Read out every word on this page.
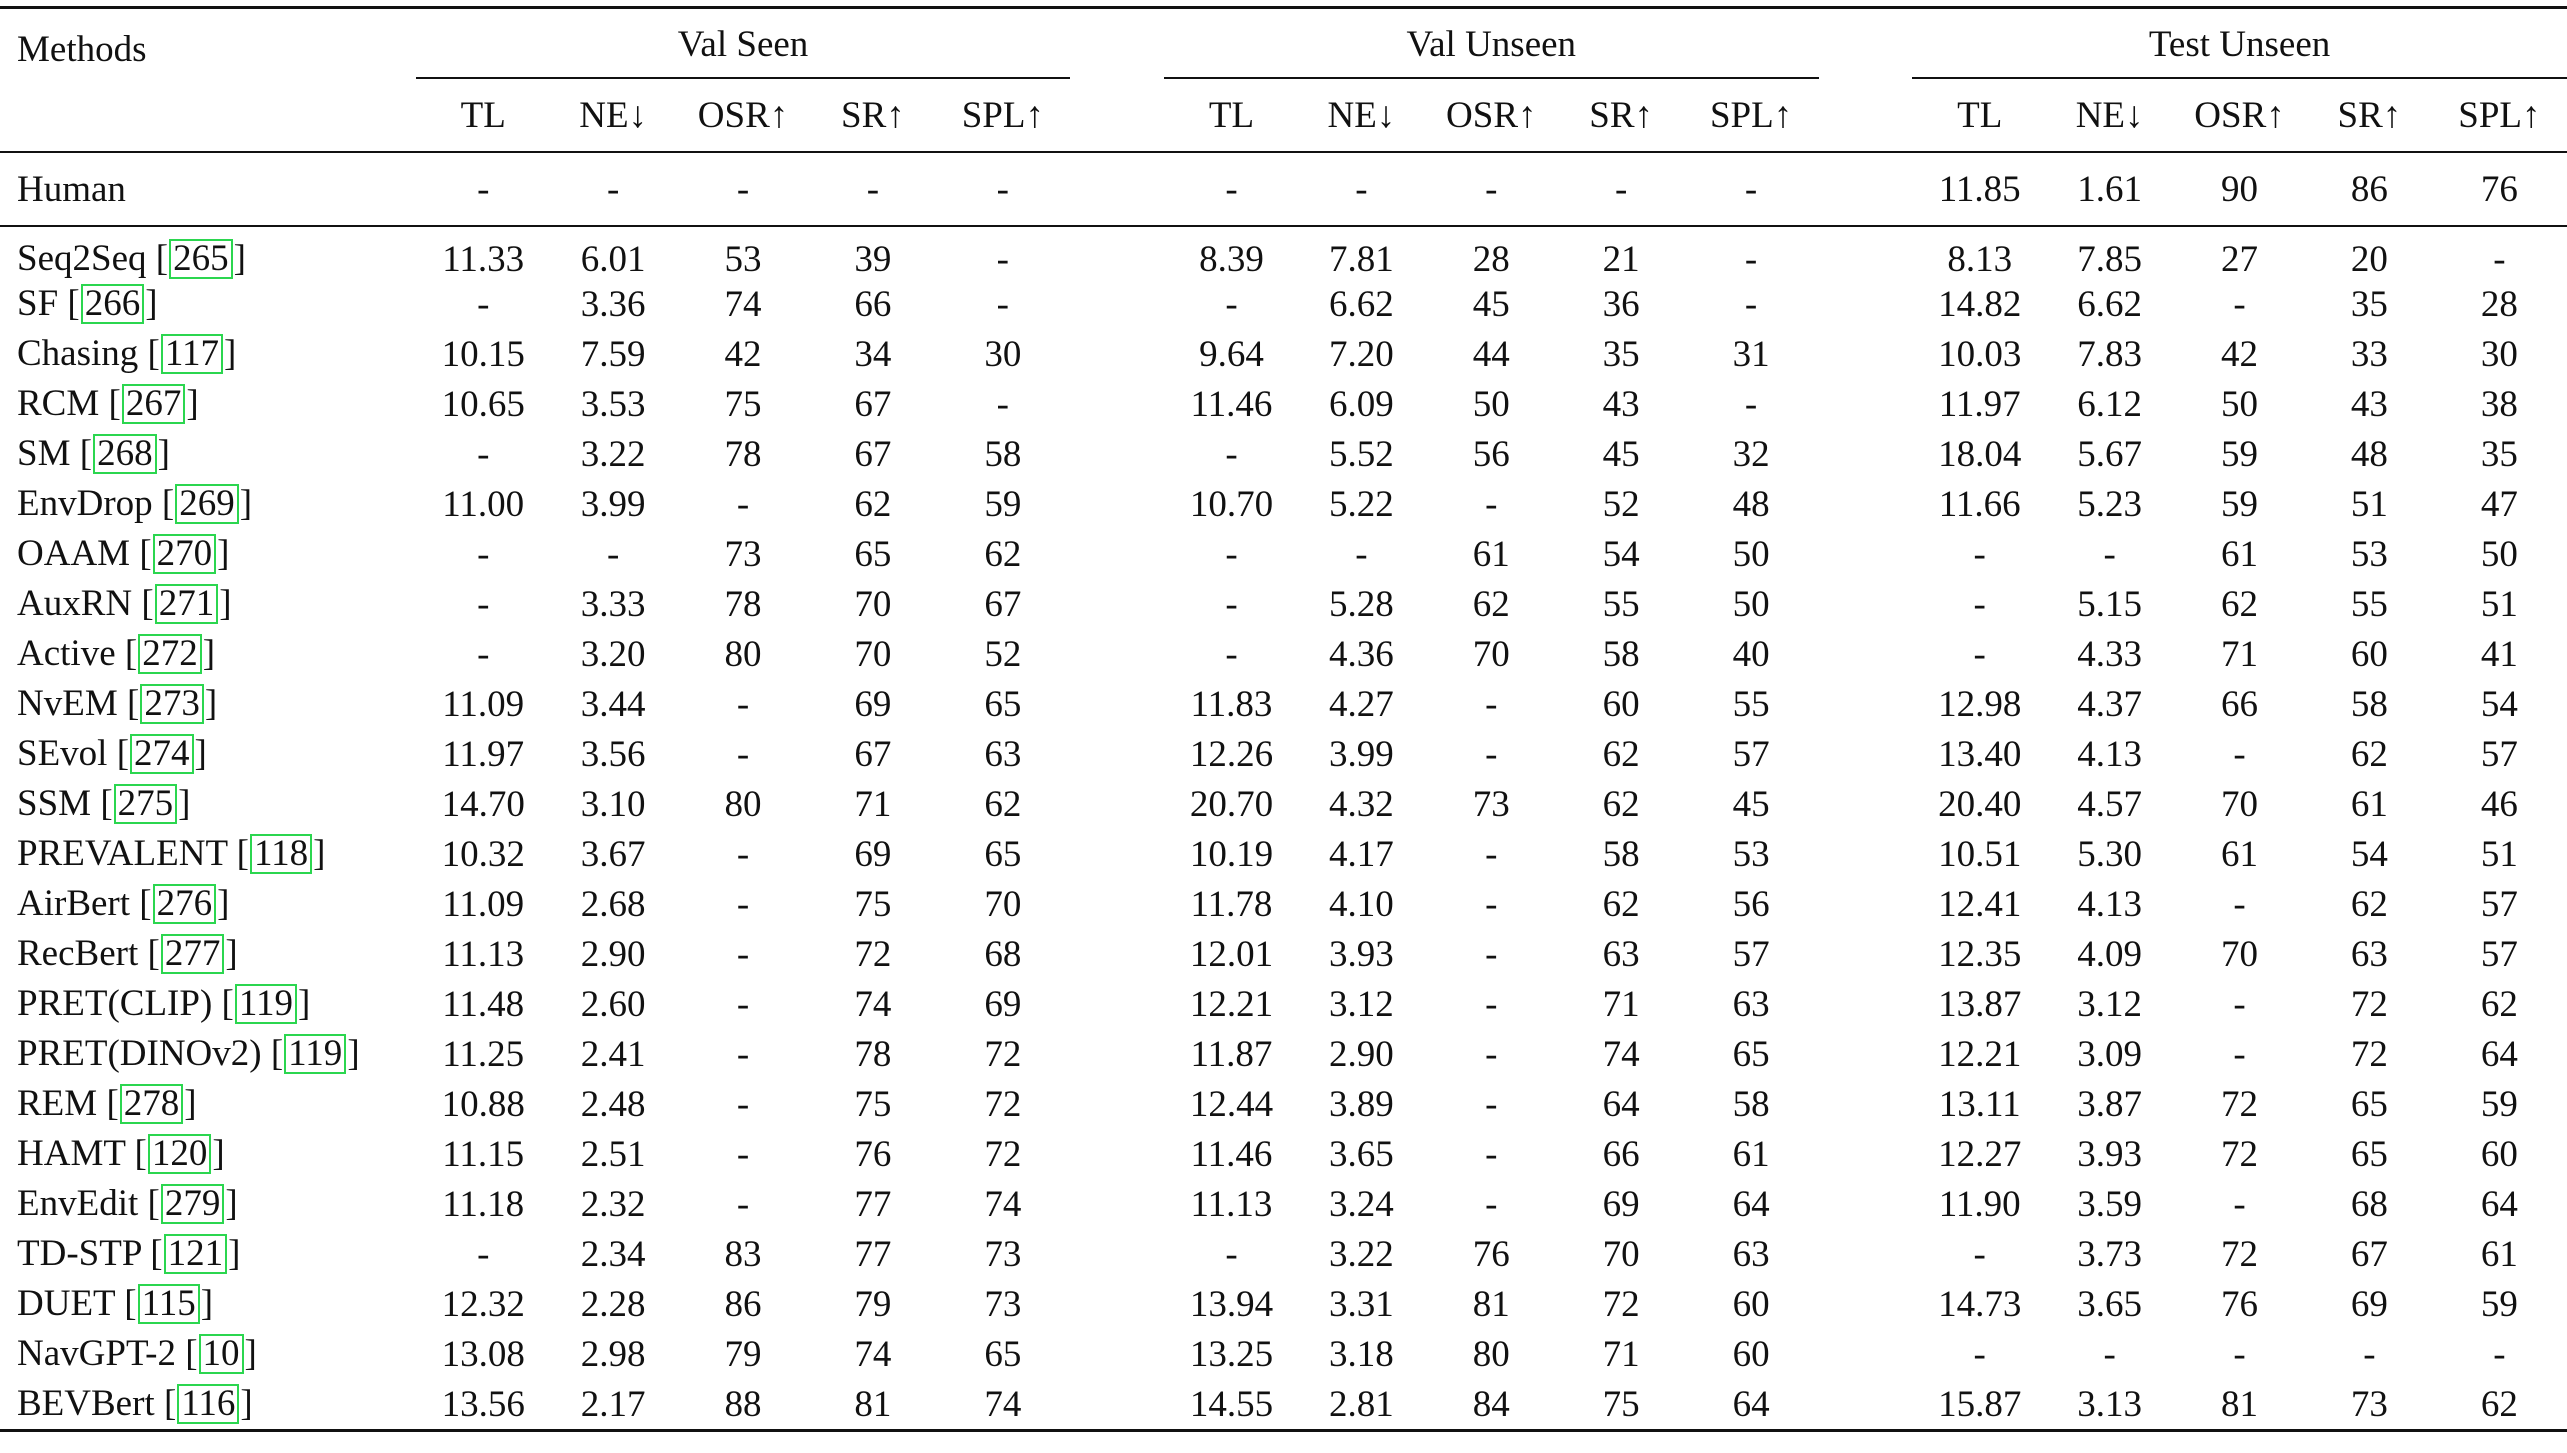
Methods	Val Seen						Val Unseen						Test Unseen				

	TL	NE↓	OSR↑	SR↑	SPL↑		TL	NE↓	OSR↑	SR↑	SPL↑		TL	NE↓	OSR↑	SR↑	SPL↑
Human	-	-	-	-	-		-	-	-	-	-		11.85	1.61	90	86	76
Seq2Seq [ 265 ]	11.33	6.01	53	39	-		8.39	7.81	28	21	-		8.13	7.85	27	20	-
SF [ 266 ]	-	3.36	74	66	-		-	6.62	45	36	-		14.82	6.62	-	35	28
Chasing [ 117 ]	10.15	7.59	42	34	30		9.64	7.20	44	35	31		10.03	7.83	42	33	30
RCM [ 267 ]	10.65	3.53	75	67	-		11.46	6.09	50	43	-		11.97	6.12	50	43	38
SM [ 268 ]	-	3.22	78	67	58		-	5.52	56	45	32		18.04	5.67	59	48	35
EnvDrop [ 269 ]	11.00	3.99	-	62	59		10.70	5.22	-	52	48		11.66	5.23	59	51	47
OAAM [ 270 ]	-	-	73	65	62		-	-	61	54	50		-	-	61	53	50
AuxRN [ 271 ]	-	3.33	78	70	67		-	5.28	62	55	50		-	5.15	62	55	51
Active [ 272 ]	-	3.20	80	70	52		-	4.36	70	58	40		-	4.33	71	60	41
NvEM [ 273 ]	11.09	3.44	-	69	65		11.83	4.27	-	60	55		12.98	4.37	66	58	54
SEvol [ 274 ]	11.97	3.56	-	67	63		12.26	3.99	-	62	57		13.40	4.13	-	62	57
SSM [ 275 ]	14.70	3.10	80	71	62		20.70	4.32	73	62	45		20.40	4.57	70	61	46
PREVALENT [ 118 ]	10.32	3.67	-	69	65		10.19	4.17	-	58	53		10.51	5.30	61	54	51
AirBert [ 276 ]	11.09	2.68	-	75	70		11.78	4.10	-	62	56		12.41	4.13	-	62	57
RecBert [ 277 ]	11.13	2.90	-	72	68		12.01	3.93	-	63	57		12.35	4.09	70	63	57
PRET(CLIP) [ 119 ]	11.48	2.60	-	74	69		12.21	3.12	-	71	63		13.87	3.12	-	72	62
PRET(DINOv2) [ 119 ]	11.25	2.41	-	78	72		11.87	2.90	-	74	65		12.21	3.09	-	72	64
REM [ 278 ]	10.88	2.48	-	75	72		12.44	3.89	-	64	58		13.11	3.87	72	65	59
HAMT [ 120 ]	11.15	2.51	-	76	72		11.46	3.65	-	66	61		12.27	3.93	72	65	60
EnvEdit [ 279 ]	11.18	2.32	-	77	74		11.13	3.24	-	69	64		11.90	3.59	-	68	64
TD-STP [ 121 ]	-	2.34	83	77	73		-	3.22	76	70	63		-	3.73	72	67	61
DUET [ 115 ]	12.32	2.28	86	79	73		13.94	3.31	81	72	60		14.73	3.65	76	69	59
NavGPT-2 [ 10 ]	13.08	2.98	79	74	65		13.25	3.18	80	71	60		-	-	-	-	-
BEVBert [ 116 ]	13.56	2.17	88	81	74		14.55	2.81	84	75	64		15.87	3.13	81	73	62
